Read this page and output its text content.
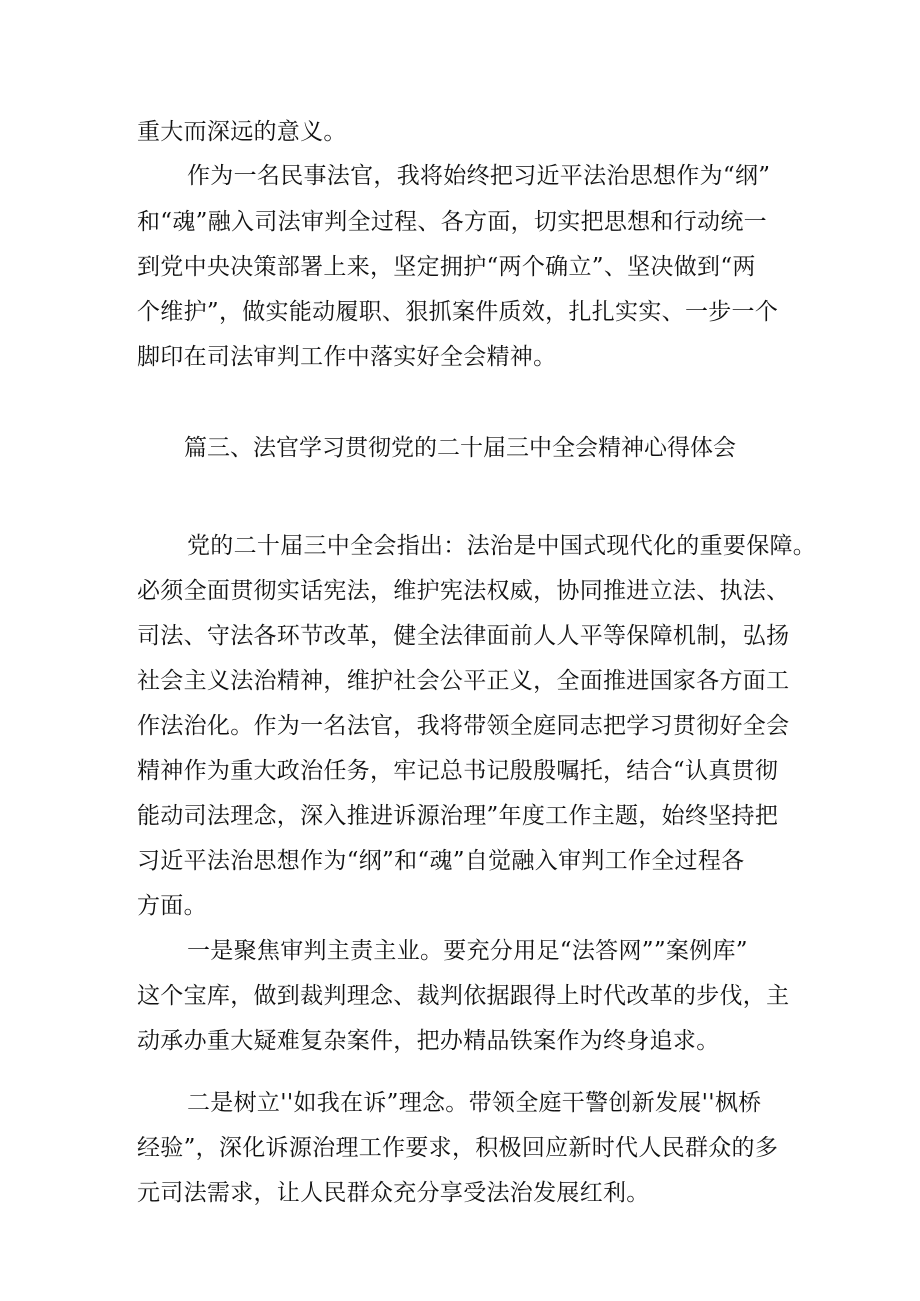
重大而深远的意义。
作为一名民事法官，我将始终把习近平法治思想作为“纲”
和“魂”融入司法审判全过程、各方面，切实把思想和行动统一
到党中央决策部署上来，坚定拥护“两个确立”、坚决做到“两
个维护”，做实能动履职、狠抓案件质效，扎扎实实、一步一个
脚印在司法审判工作中落实好全会精神。
篇三、法官学习贯彻党的二十届三中全会精神心得体会
党的二十届三中全会指出：法治是中国式现代化的重要保障。
必须全面贯彻实话宪法，维护宪法权威，协同推进立法、执法、
司法、守法各环节改革，健全法律面前人人平等保障机制，弘扬
社会主义法治精神，维护社会公平正义，全面推进国家各方面工
作法治化。作为一名法官，我将带领全庭同志把学习贯彻好全会
精神作为重大政治任务，牢记总书记殷殷嘱托，结合“认真贯彻
能动司法理念，深入推进诉源治理”年度工作主题，始终坚持把
习近平法治思想作为“纲”和“魂”自觉融入审判工作全过程各
方面。
一是聚焦审判主责主业。要充分用足“法答网””案例库”
这个宝库，做到裁判理念、裁判依据跟得上时代改革的步伐，主
动承办重大疑难复杂案件，把办精品铁案作为终身追求。
二是树立''如我在诉”理念。带领全庭干警创新发展''枫桥
经验”，深化诉源治理工作要求，积极回应新时代人民群众的多
元司法需求，让人民群众充分享受法治发展红利。
